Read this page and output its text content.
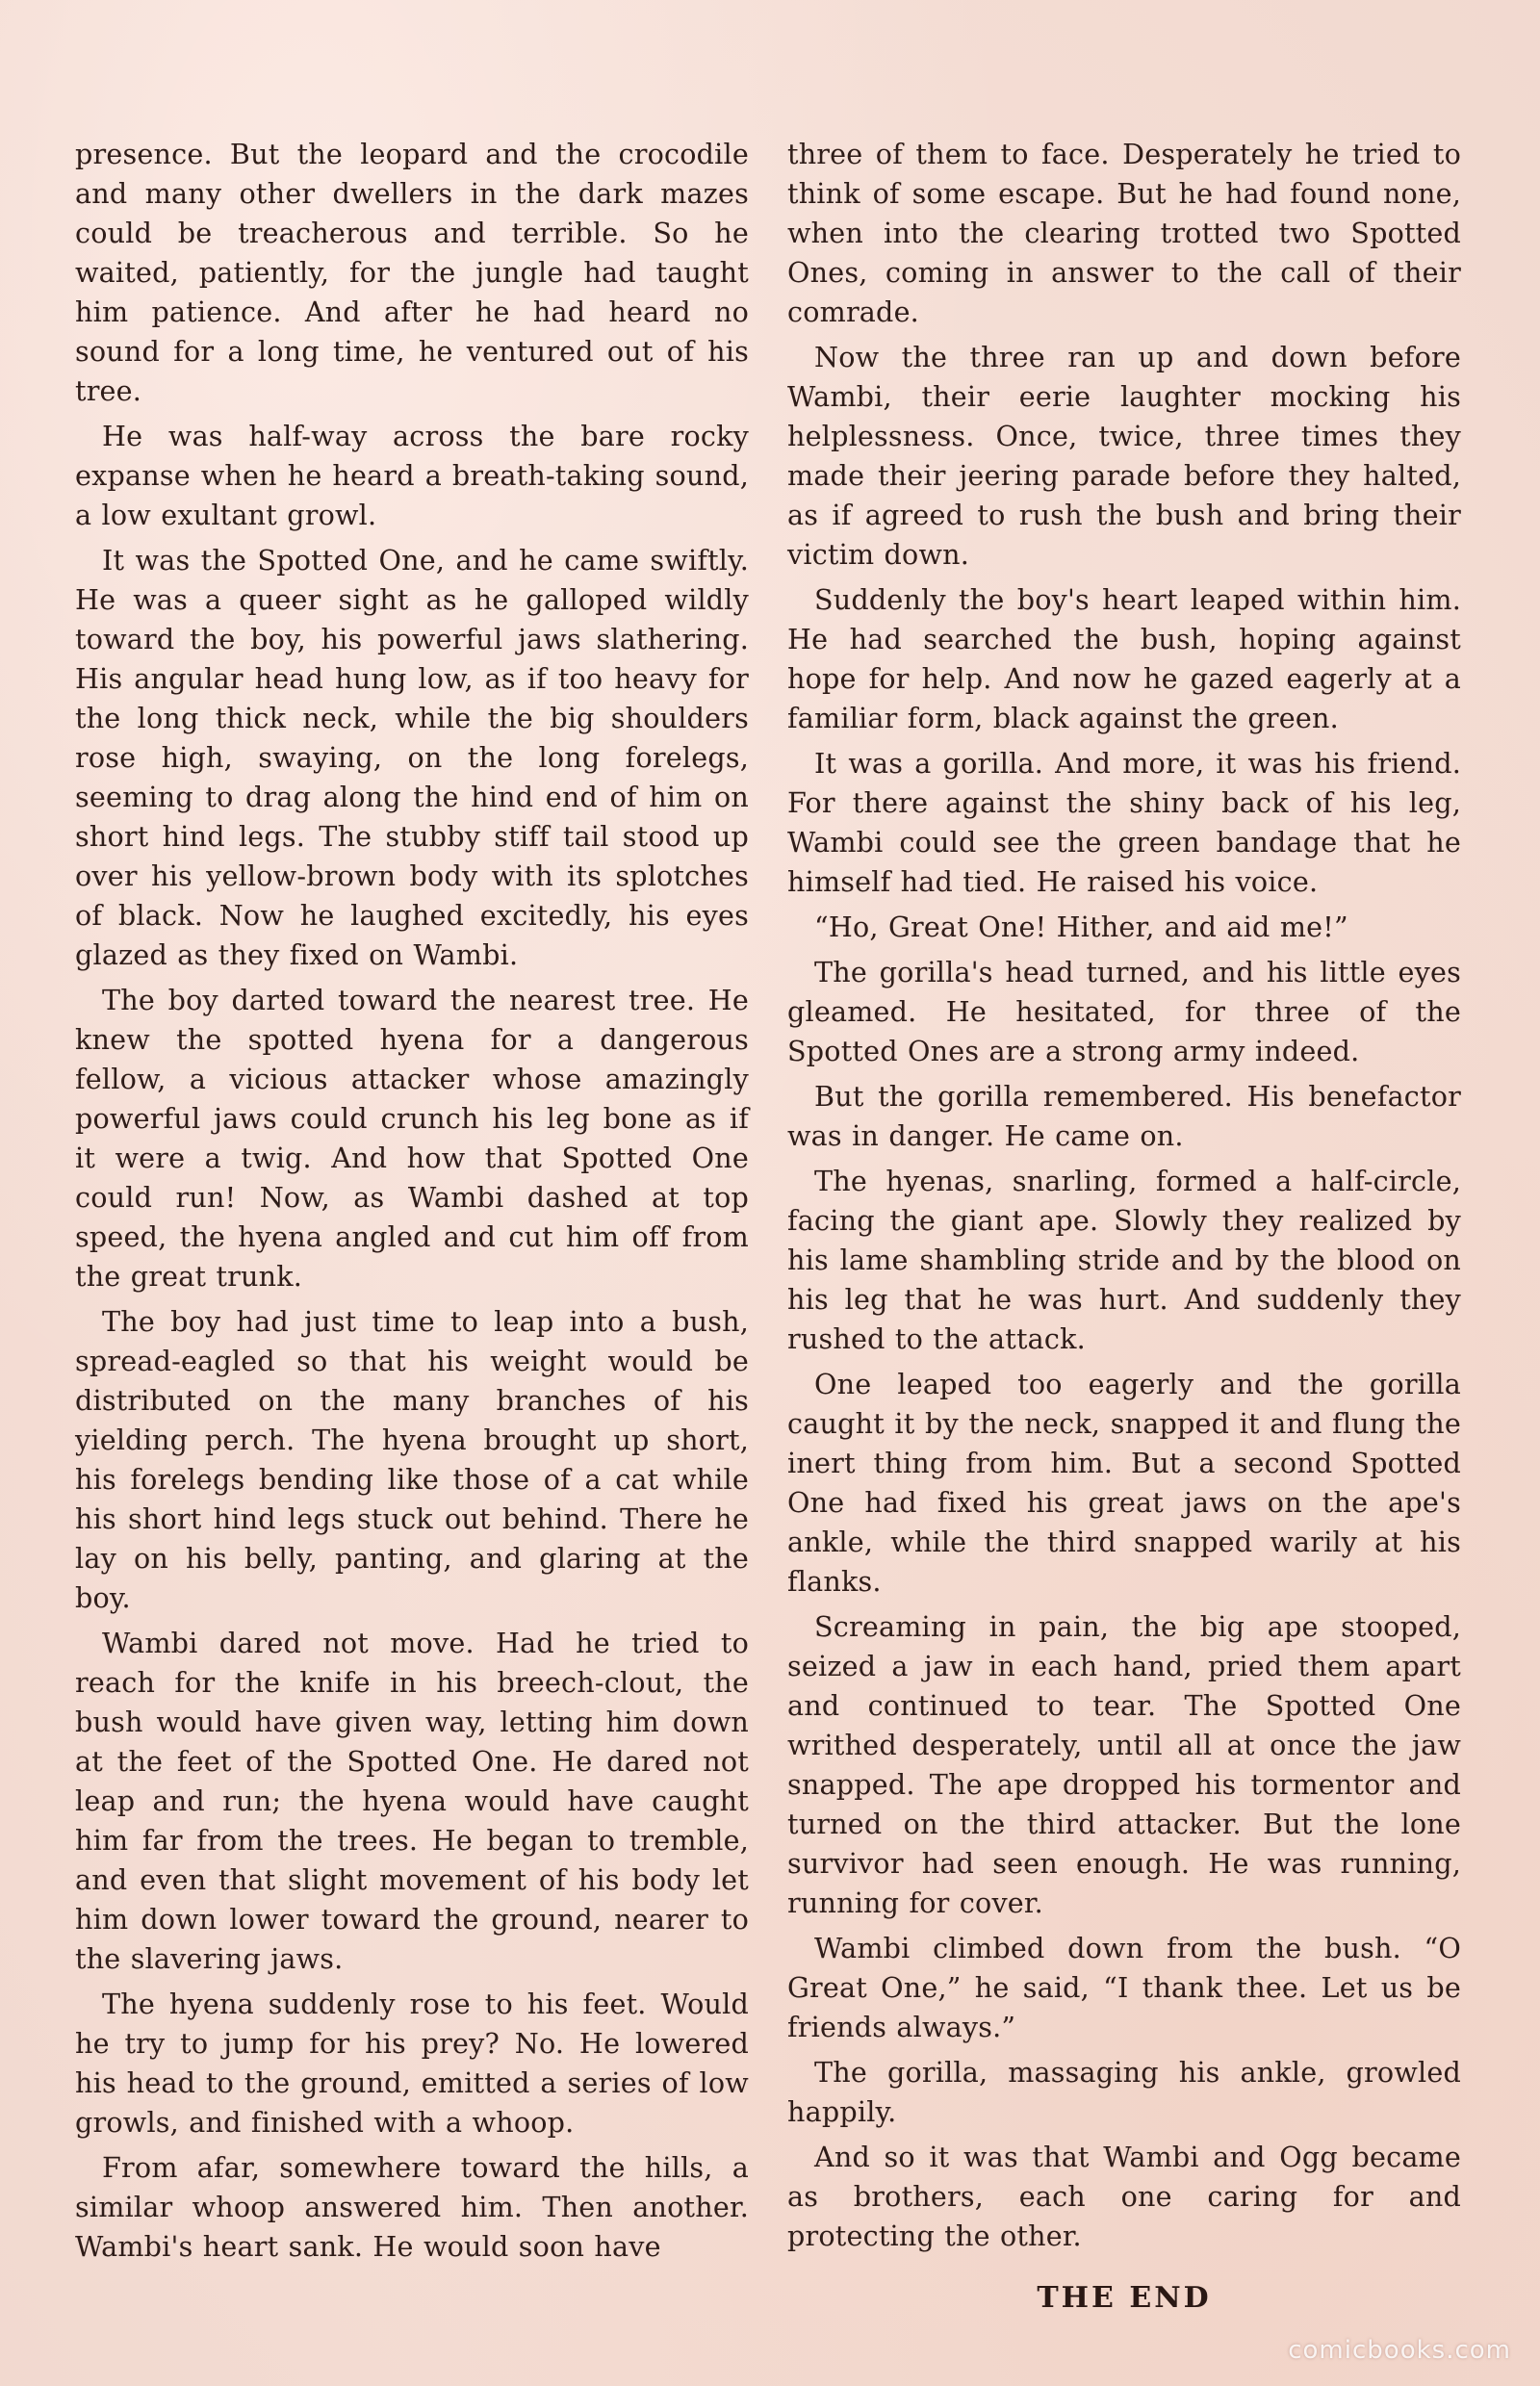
presence. But the leopard and the crocodile and many other dwellers in the dark mazes could be treacherous and terrible. So he waited, patiently, for the jungle had taught him patience. And after he had heard no sound for a long time, he ventured out of his tree.

He was half-way across the bare rocky expanse when he heard a breath-taking sound, a low exultant growl.

It was the Spotted One, and he came swiftly. He was a queer sight as he galloped wildly toward the boy, his powerful jaws slathering. His angular head hung low, as if too heavy for the long thick neck, while the big shoulders rose high, swaying, on the long forelegs, seeming to drag along the hind end of him on short hind legs. The stubby stiff tail stood up over his yellow-brown body with its splotches of black. Now he laughed excitedly, his eyes glazed as they fixed on Wambi.

The boy darted toward the nearest tree. He knew the spotted hyena for a dangerous fellow, a vicious attacker whose amazingly powerful jaws could crunch his leg bone as if it were a twig. And how that Spotted One could run! Now, as Wambi dashed at top speed, the hyena angled and cut him off from the great trunk.

The boy had just time to leap into a bush, spread-eagled so that his weight would be distributed on the many branches of his yielding perch. The hyena brought up short, his forelegs bending like those of a cat while his short hind legs stuck out behind. There he lay on his belly, panting, and glaring at the boy.

Wambi dared not move. Had he tried to reach for the knife in his breech-clout, the bush would have given way, letting him down at the feet of the Spotted One. He dared not leap and run; the hyena would have caught him far from the trees. He began to tremble, and even that slight movement of his body let him down lower toward the ground, nearer to the slavering jaws.

The hyena suddenly rose to his feet. Would he try to jump for his prey? No. He lowered his head to the ground, emitted a series of low growls, and finished with a whoop.

From afar, somewhere toward the hills, a similar whoop answered him. Then another. Wambi's heart sank. He would soon have

three of them to face. Desperately he tried to think of some escape. But he had found none, when into the clearing trotted two Spotted Ones, coming in answer to the call of their comrade.

Now the three ran up and down before Wambi, their eerie laughter mocking his helplessness. Once, twice, three times they made their jeering parade before they halted, as if agreed to rush the bush and bring their victim down.

Suddenly the boy's heart leaped within him. He had searched the bush, hoping against hope for help. And now he gazed eagerly at a familiar form, black against the green.

It was a gorilla. And more, it was his friend. For there against the shiny back of his leg, Wambi could see the green bandage that he himself had tied. He raised his voice.

“Ho, Great One! Hither, and aid me!”

The gorilla's head turned, and his little eyes gleamed. He hesitated, for three of the Spotted Ones are a strong army indeed.

But the gorilla remembered. His benefactor was in danger. He came on.

The hyenas, snarling, formed a half-circle, facing the giant ape. Slowly they realized by his lame shambling stride and by the blood on his leg that he was hurt. And suddenly they rushed to the attack.

One leaped too eagerly and the gorilla caught it by the neck, snapped it and flung the inert thing from him. But a second Spotted One had fixed his great jaws on the ape's ankle, while the third snapped warily at his flanks.

Screaming in pain, the big ape stooped, seized a jaw in each hand, pried them apart and continued to tear. The Spotted One writhed desperately, until all at once the jaw snapped. The ape dropped his tormentor and turned on the third attacker. But the lone survivor had seen enough. He was running, running for cover.

Wambi climbed down from the bush. “O Great One,” he said, “I thank thee. Let us be friends always.”

The gorilla, massaging his ankle, growled happily.

And so it was that Wambi and Ogg became as brothers, each one caring for and protecting the other.

THE END
comicbooks.com
